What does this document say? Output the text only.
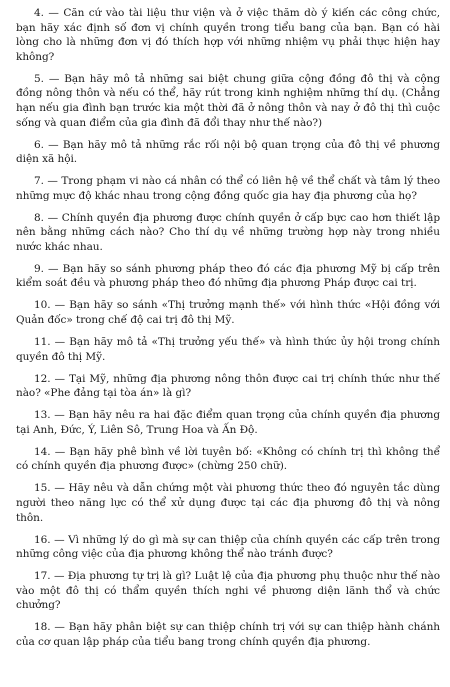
4. — Căn cứ vào tài liệu thư viện và ở việc thăm dò ý kiến các công chức, bạn hãy xác định số đơn vị chính quyền trong tiểu bang của bạn. Bạn có hài lòng cho là những đơn vị đó thích hợp với những nhiệm vụ phải thực hiện hay không?

5. — Bạn hãy mô tả những sai biệt chung giữa cộng đồng đô thị và cộng đồng nông thôn và nếu có thể, hãy rút trong kinh nghiệm những thí dụ. (Chẳng hạn nếu gia đình bạn trước kia một thời đã ở nông thôn và nay ở đô thị thì cuộc sống và quan điểm của gia đình đã đổi thay như thế nào?)

6. — Bạn hãy mô tả những rắc rối nội bộ quan trọng của đô thị về phương diện xã hội.

7. — Trong phạm vi nào cá nhân có thể có liên hệ về thể chất và tâm lý theo những mực độ khác nhau trong cộng đồng quốc gia hay địa phương của họ?

8. — Chính quyền địa phương được chính quyền ở cấp bực cao hơn thiết lập nên bằng những cách nào? Cho thí dụ về những trường hợp này trong nhiều nước khác nhau.

9. — Bạn hãy so sánh phương pháp theo đó các địa phương Mỹ bị cấp trên kiểm soát đều và phương pháp theo đó những địa phương Pháp được cai trị.

10. — Bạn hãy so sánh «Thị trưởng mạnh thế» với hình thức «Hội đồng với Quản đốc» trong chế độ cai trị đô thị Mỹ.

11. — Bạn hãy mô tả «Thị trưởng yếu thế» và hình thức ủy hội trong chính quyền đô thị Mỹ.

12. — Tại Mỹ, những địa phương nông thôn được cai trị chính thức như thế nào? «Phe đảng tại tòa án» là gì?

13. — Bạn hãy nêu ra hai đặc điểm quan trọng của chính quyền địa phương tại Anh, Đức, Ý, Liên Sô, Trung Hoa và Ấn Độ.

14. — Bạn hãy phê bình về lời tuyên bố: «Không có chính trị thì không thể có chính quyền địa phương được» (chừng 250 chữ).

15. — Hãy nêu và dẫn chứng một vài phương thức theo đó nguyên tắc dùng người theo năng lực có thể xử dụng được tại các địa phương đô thị và nông thôn.

16. — Vì những lý do gì mà sự can thiệp của chính quyền các cấp trên trong những công việc của địa phương không thể nào tránh được?

17. — Địa phương tự trị là gì? Luật lệ của địa phương phụ thuộc như thế nào vào một đô thị có thẩm quyền thích nghi về phương diện lãnh thổ và chức chưởng?

18. — Bạn hãy phân biệt sự can thiệp chính trị với sự can thiệp hành chánh của cơ quan lập pháp của tiểu bang trong chính quyền địa phương.
